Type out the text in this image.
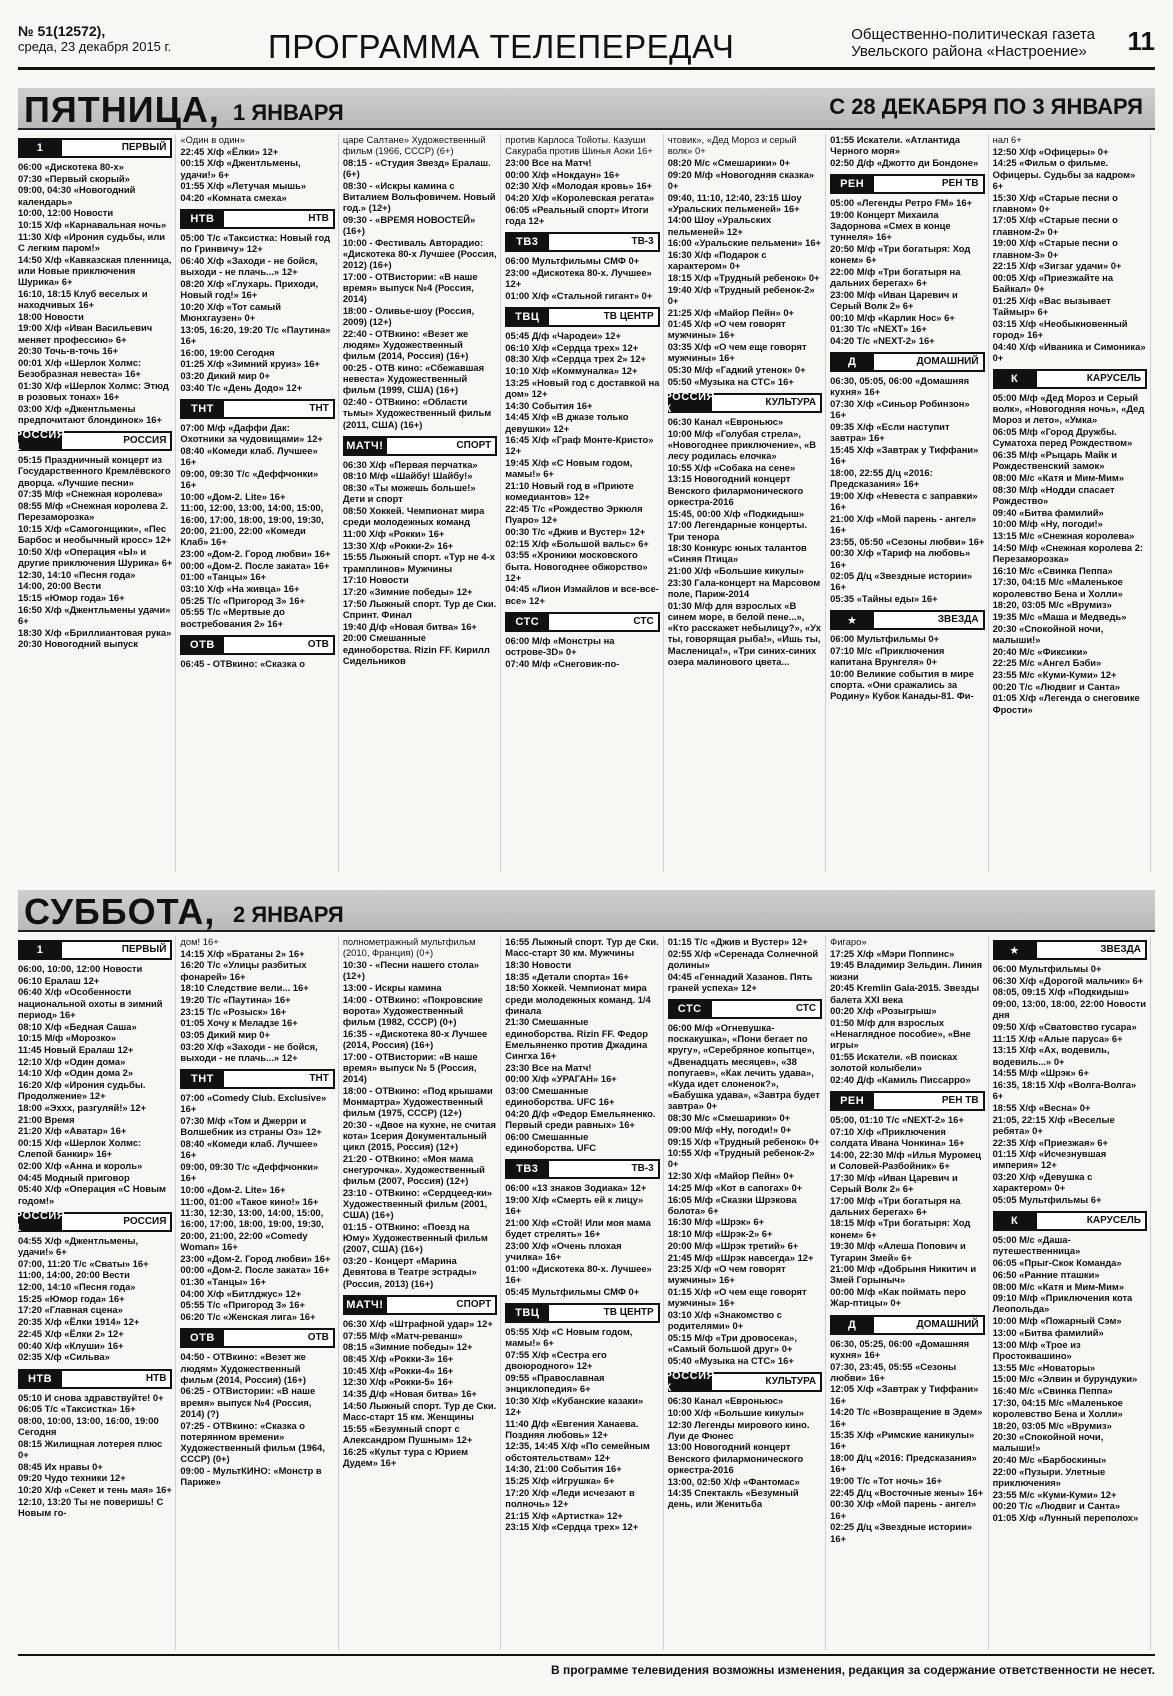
№ 51(12572),
среда, 23 декабря 2015 г.	ПРОГРАММА ТЕЛЕПЕРЕДАЧ	Общественно-политическая газета
Увельского района «Настроение»	11
ПЯТНИЦА, 1 ЯНВАРЯ	С 28 ДЕКАБРЯ ПО 3 ЯНВАРЯ
1	ПЕРВЫЙ
06:00 «Дискотека 80-х»
07:30 «Первый скорый»
09:00, 04:30 «Новогодний календарь»
10:00, 12:00 Новости
10:15 Х/ф «Карнавальная ночь»
11:30 Х/ф «Ирония судьбы, или С легким паром!»
14:50 Х/ф «Кавказская пленница, или Новые приключения Шурика» 6+
16:10, 18:15 Клуб веселых и находчивых 16+
18:00 Новости
19:00 Х/ф «Иван Васильевич меняет профессию» 6+
20:30 Точь-в-точь 16+
00:01 Х/ф «Шерлок Холмс: Безобразная невеста» 16+
01:30 Х/ф «Шерлок Холмс: Этюд в розовых тонах» 16+
03:00 Х/ф «Джентльмены предпочитают блондинок» 16+
РОССИЯ 1
РОССИЯ
05:15 Праздничный концерт из Государственного Кремлёвского дворца. «Лучшие песни»
07:35 М/ф «Снежная королева»
08:55 М/ф «Снежная королева 2. Перезаморозка»
10:15 Х/ф «Самогонщики», «Пес Барбос и необычный кросс» 12+
10:50 Х/ф «Операция «Ы» и другие приключения Шурика» 6+
12:30, 14:10 «Песня года»
14:00, 20:00 Вести
15:15 «Юмор года» 16+
16:50 Х/ф «Джентльмены удачи» 6+
18:30 Х/ф «Бриллиантовая рука»
20:30 Новогодний выпуск
«Один в один»
22:45 Х/ф «Ёлки» 12+
00:15 Х/ф «Джентльмены, удачи!» 6+
01:55 Х/ф «Летучая мышь»
04:20 «Комната смеха»
НТВ	НТВ
05:00 Т/с «Таксистка: Новый год по Гринвичу» 12+
06:40 Х/ф «Заходи - не бойся, выходи - не плачь...» 12+
08:20 Х/ф «Глухарь. Приходи, Новый год!» 16+
10:20 Х/ф «Тот самый Мюнхгаузен» 0+
13:05, 16:20, 19:20 Т/с «Паутина» 16+
16:00, 19:00 Сегодня
01:25 Х/ф «Зимний круиз» 16+
03:20 Дикий мир 0+
03:40 Т/с «День Додо» 12+
ТНТ	ТНТ
07:00 М/ф «Даффи Дак: Охотники за чудовищами» 12+
08:40 «Комеди клаб. Лучшее» 16+
09:00, 09:30 Т/с «Деффчонки» 16+
10:00 «Дом-2. Lite» 16+
11:00, 12:00, 13:00, 14:00, 15:00, 16:00, 17:00, 18:00, 19:00, 19:30, 20:00, 21:00, 22:00 «Комеди Клаб» 16+
23:00 «Дом-2. Город любви» 16+
00:00 «Дом-2. После заката» 16+
01:00 «Танцы» 16+
03:10 Х/ф «На живца» 16+
05:25 Т/с «Пригород 3» 16+
05:55 Т/с «Мертвые до востребования 2» 16+
ОТВ	ОТВ
06:45 - ОТВкино: «Сказка о
царе Салтане» Художественный фильм (1966, СССР) (6+)
08:15 - «Студия Звезд» Ералаш. (6+)
08:30 - «Искры камина с Виталием Вольфовичем. Новый год.» (12+)
09:30 - «ВРЕМЯ НОВОСТЕЙ» (16+)
10:00 - Фестиваль Авторадио: «Дискотека 80-х Лучшее (Россия, 2012) (16+)
17:00 - ОТВистории: «В наше время» выпуск №4 (Россия, 2014)
18:00 - Оливье-шоу (Россия, 2009) (12+)
22:40 - ОТВкино: «Везет же людям» Художественный фильм (2014, Россия) (16+)
00:25 - ОТВ кино: «Сбежавшая невеста» Художественный фильм (1999, США) (16+)
02:40 - ОТВкино: «Области тьмы» Художественный фильм (2011, США) (16+)
МАТЧ!	СПОРТ
06:30 Х/ф «Первая перчатка»
08:10 М/ф «Шайбу! Шайбу!»
08:30 «Ты можешь больше!» Дети и спорт
08:50 Хоккей. Чемпионат мира среди молодежных команд
11:00 Х/ф «Рокки» 16+
13:30 Х/ф «Рокки-2» 16+
15:55 Лыжный спорт. «Тур не 4-х трамплинов» Мужчины
17:10 Новости
17:20 «Зимние победы» 12+
17:50 Лыжный спорт. Тур де Ски. Спринт. Финал
19:40 Д/ф «Новая битва» 16+
20:00 Смешанные единоборства. Rizin FF. Кирилл Сидельников
против Карлоса Тойоты. Казуши Сакураба против Шинья Аоки 16+
23:00 Все на Матч!
00:00 Х/ф «Нокдаун» 16+
02:30 Х/ф «Молодая кровь» 16+
04:20 Х/ф «Королевская регата»
06:05 «Реальный спорт» Итоги года 12+
ТВ3	ТВ-3
06:00 Мультфильмы СМФ 0+
23:00 «Дискотека 80-х. Лучшее» 12+
01:00 Х/ф «Стальной гигант» 0+
ТВЦ	ТВ ЦЕНТР
05:45 Д/ф «Чародеи» 12+
06:10 Х/ф «Сердца трех» 12+
08:30 Х/ф «Сердца трех 2» 12+
10:10 Х/ф «Коммуналка» 12+
13:25 «Новый год с доставкой на дом» 12+
14:30 События 16+
14:45 Х/ф «В джазе только девушки» 12+
16:45 Х/ф «Граф Монте-Кристо» 12+
19:45 Х/ф «С Новым годом, мамы!» 6+
21:10 Новый год в «Приюте комедиантов» 12+
22:45 Т/с «Рождество Эркюля Пуаро» 12+
00:30 Т/с «Джив и Вустер» 12+
02:15 Х/ф «Большой вальс» 6+
03:55 «Хроники московского быта. Новогоднее обжорство» 12+
04:45 «Лион Измайлов и все-все-все» 12+
СТС	СТС
06:00 М/ф «Монстры на острове-3D» 0+
07:40 М/ф «Снеговик-по-
чтовик», «Дед Мороз и серый волк» 0+
08:20 М/с «Смешарики» 0+
09:20 М/ф «Новогодняя сказка» 0+
09:40, 11:10, 12:40, 23:15 Шоу «Уральских пельменей» 16+
14:00 Шоу «Уральских пельменей» 12+
16:00 «Уральские пельмени» 16+
16:30 Х/ф «Подарок с характером» 0+
18:15 Х/ф «Трудный ребенок» 0+
19:40 Х/ф «Трудный ребенок-2» 0+
21:25 Х/ф «Майор Пейн» 0+
01:45 Х/ф «О чем говорят мужчины» 16+
03:35 Х/ф «О чем еще говорят мужчины» 16+
05:30 М/ф «Гадкий утенок» 0+
05:50 «Музыка на СТС» 16+
РОССИЯ К
КУЛЬТУРА
06:30 Канал «Евроньюс»
10:00 М/ф «Голубая стрела», «Новогоднее приключение», «В лесу родилась елочка»
10:55 Х/ф «Собака на сене»
13:15 Новогодний концерт Венского филармонического оркестра-2016
15:45, 00:00 Х/ф «Подкидыш»
17:00 Легендарные концерты. Три тенора
18:30 Конкурс юных талантов «Синяя Птица»
21:00 Х/ф «Большие кикулы»
23:30 Гала-концерт на Марсовом поле, Париж-2014
01:30 М/ф для взрослых «В синем море, в белой пене...», «Кто расскажет небылицу?», «Ух ты, говорящая рыба!», «Ишь ты, Масленица!», «Три синих-синих озера малинового цвета...
01:55 Искатели. «Атлантида Черного моря»
02:50 Д/ф «Джотто ди Бондоне»
РЕН	РЕН ТВ
05:00 «Легенды Ретро FM» 16+
19:00 Концерт Михаила Задорнова «Смех в конце туннеля» 16+
20:50 М/ф «Три богатыря: Ход конем» 6+
22:00 М/ф «Три богатыря на дальних берегах» 6+
23:00 М/ф «Иван Царевич и Серый Волк 2» 6+
00:10 М/ф «Карлик Нос» 6+
01:30 Т/с «NEXT» 16+
04:20 Т/с «NEXT-2» 16+
Д	ДОМАШНИЙ
06:30, 05:05, 06:00 «Домашняя кухня» 16+
07:30 Х/ф «Синьор Робинзон» 16+
09:35 Х/ф «Если наступит завтра» 16+
15:45 Х/ф «Завтрак у Тиффани» 16+
18:00, 22:55 Д/ц «2016: Предсказания» 16+
19:00 Х/ф «Невеста с заправки» 16+
21:00 Х/ф «Мой парень - ангел» 16+
23:55, 05:50 «Сезоны любви» 16+
00:30 Х/ф «Тариф на любовь» 16+
02:05 Д/ц «Звездные истории» 16+
05:35 «Тайны еды» 16+
★	ЗВЕЗДА
06:00 Мультфильмы 0+
07:10 М/с «Приключения капитана Врунгеля» 0+
10:00 Великие события в мире спорта. «Они сражались за Родину» Кубок Канады-81. Фи-
нал 6+
12:50 Х/ф «Офицеры» 0+
14:25 «Фильм о фильме. Офицеры. Судьбы за кадром» 6+
15:30 Х/ф «Старые песни о главном» 0+
17:05 Х/ф «Старые песни о главном-2» 0+
19:00 Х/ф «Старые песни о главном-3» 0+
22:15 Х/ф «Зигзаг удачи» 0+
00:05 Х/ф «Приезжайте на Байкал» 0+
01:25 Х/ф «Вас вызывает Таймыр» 6+
03:15 Х/ф «Необыкновенный город» 16+
04:40 Х/ф «Иваника и Симоника» 0+
К	КАРУСЕЛЬ
05:00 М/ф «Дед Мороз и Серый волк», «Новогодняя ночь», «Дед Мороз и лето», «Умка»
06:05 М/ф «Город Дружбы. Суматоха перед Рождеством»
06:35 М/ф «Рыцарь Майк и Рождественский замок»
08:00 М/с «Катя и Мим-Мим»
08:30 М/ф «Нодди спасает Рождество»
09:40 «Битва фамилий»
10:00 М/ф «Ну, погоди!»
13:15 М/с «Снежная королева»
14:50 М/ф «Снежная королева 2: Перезаморозка»
16:10 М/с «Свинка Пеппа»
17:30, 04:15 М/с «Маленькое королевство Бена и Холли»
18:20, 03:05 М/с «Врумиз»
19:35 М/с «Маша и Медведь»
20:30 «Спокойной ночи, малыши!»
20:40 М/с «Фиксики»
22:25 М/с «Ангел Бэби»
23:55 М/с «Куми-Куми» 12+
00:20 Т/с «Людвиг и Санта»
01:05 Х/ф «Легенда о снеговике Фрости»
СУББОТА, 2 ЯНВАРЯ
1	ПЕРВЫЙ
06:00, 10:00, 12:00 Новости
06:10 Ералаш 12+
06:40 Х/ф «Особенности национальной охоты в зимний период» 16+
08:10 Х/ф «Бедная Саша»
10:15 М/ф «Морозко»
11:45 Новый Ералаш 12+
12:10 Х/ф «Один дома»
14:10 Х/ф «Один дома 2»
16:20 Х/ф «Ирония судьбы. Продолжение» 12+
18:00 «Эххх, разгуляй!» 12+
21:00 Время
21:20 Х/ф «Аватар» 16+
00:15 Х/ф «Шерлок Холмс: Слепой банкир» 16+
02:00 Х/ф «Анна и король»
04:45 Модный приговор
05:40 Х/ф «Операция «С Новым годом!»
РОССИЯ 1
РОССИЯ
04:55 Х/ф «Джентльмены, удачи!» 6+
07:00, 11:20 Т/с «Сваты» 16+
11:00, 14:00, 20:00 Вести
12:00, 14:10 «Песня года»
15:25 «Юмор года» 16+
17:20 «Главная сцена»
20:35 Х/ф «Ёлки 1914» 12+
22:45 Х/ф «Ёлки 2» 12+
00:40 Х/ф «Клуши» 16+
02:35 Х/ф «Сильва»
НТВ	НТВ
05:10 И снова здравствуйте! 0+
06:05 Т/с «Таксистка» 16+
08:00, 10:00, 13:00, 16:00, 19:00 Сегодня
08:15 Жилищная лотерея плюс 0+
08:45 Их нравы 0+
09:20 Чудо техники 12+
10:20 Х/ф «Секет и тень мая» 16+
12:10, 13:20 Ты не поверишь! С Новым го-
дом! 16+
14:15 Х/ф «Братаны 2» 16+
16:20 Т/с «Улицы разбитых фонарей» 16+
18:10 Следствие вели... 16+
19:20 Т/с «Паутина» 16+
23:15 Т/с «Розыск» 16+
01:05 Хочу к Меладзе 16+
03:05 Дикий мир 0+
03:20 Х/ф «Заходи - не бойся, выходи - не плачь...» 12+
ТНТ	ТНТ
07:00 «Comedy Club. Exclusive» 16+
07:30 М/ф «Том и Джерри и Волшебник из страны Оз» 12+
08:40 «Комеди клаб. Лучшее» 16+
09:00, 09:30 Т/с «Деффчонки» 16+
10:00 «Дом-2. Lite» 16+
11:00, 01:00 «Такое кино!» 16+
11:30, 12:30, 13:00, 14:00, 15:00, 16:00, 17:00, 18:00, 19:00, 19:30, 20:00, 21:00, 22:00 «Comedy Woman» 16+
23:00 «Дом-2. Город любви» 16+
00:00 «Дом-2. После заката» 16+
01:30 «Танцы» 16+
04:00 Х/ф «Битлджус» 12+
05:55 Т/с «Пригород 3» 16+
06:20 Т/с «Женская лига» 16+
ОТВ	ОТВ
04:50 - ОТВкино: «Везет же людям» Художественный фильм (2014, Россия) (16+)
06:25 - ОТВистории: «В наше время» выпуск №4 (Россия, 2014) (?)
07:25 - ОТВкино: «Сказка о потерянном времени» Художественный фильм (1964, СССР) (0+)
09:00 - МультКИНО: «Монстр в Париже»
полнометражный мультфильм (2010, Франция) (0+)
10:30 - «Песни нашего стола» (12+)
13:00 - Искры камина
14:00 - ОТВкино: «Покровские ворота» Художественный фильм (1982, СССР) (0+)
16:35 - «Дискотека 80-х Лучшее (2014, Россия) (16+)
17:00 - ОТВистории: «В наше время» выпуск № 5 (Россия, 2014)
18:00 - ОТВкино: «Под крышами Монмартра» Художественный фильм (1975, СССР) (12+)
20:30 - «Двое на кухне, не считая кота» 1серия Документальный цикл (2015, Россия) (12+)
21:20 - ОТВкино: «Моя мама снегурочка». Художественный фильм (2007, Россия) (12+)
23:10 - ОТВкино: «Сердцеед-ки» Художественный фильм (2001, США) (16+)
01:15 - ОТВкино: «Поезд на Юму» Художественный фильм (2007, США) (16+)
03:20 - Концерт «Марина Девятова в Театре эстрады» (Россия, 2013) (16+)
МАТЧ!	СПОРТ
06:30 Х/ф «Штрафной удар» 12+
07:55 М/ф «Матч-реванш»
08:15 «Зимние победы» 12+
08:45 Х/ф «Рокки-3» 16+
10:45 Х/ф «Рокки-4» 16+
12:30 Х/ф «Рокки-5» 16+
14:35 Д/ф «Новая битва» 16+
14:50 Лыжный спорт. Тур де Ски. Масс-старт 15 км. Женщины
15:55 «Безумный спорт с Александром Пушным» 12+
16:25 «Культ тура с Юрием Дудем» 16+
16:55 Лыжный спорт. Тур де Ски. Масс-старт 30 км. Мужчины
18:30 Новости
18:35 «Детали спорта» 16+
18:50 Хоккей. Чемпионат мира среди молодежных команд. 1/4 финала
21:30 Смешанные единоборства. Rizin FF. Федор Емельяненко против Джадина Сингха 16+
23:30 Все на Матч!
00:00 Х/ф «УРАГАН» 16+
03:00 Смешанные единоборства. UFC 16+
04:20 Д/ф «Федор Емельяненко. Первый среди равных» 16+
06:00 Смешанные единоборства. UFC
ТВ3	ТВ-3
06:00 «13 знаков Зодиака» 12+
19:00 Х/ф «Смерть ей к лицу» 16+
21:00 Х/ф «Стой! Или моя мама будет стрелять» 16+
23:00 Х/ф «Очень плохая училка» 16+
01:00 «Дискотека 80-х. Лучшее» 16+
05:45 Мультфильмы СМФ 0+
ТВЦ	ТВ ЦЕНТР
05:55 Х/ф «С Новым годом, мамы!» 6+
07:55 Х/ф «Сестра его двоюродного» 12+
09:55 «Православная энциклопедия» 6+
10:30 Х/ф «Кубанские казаки» 12+
11:40 Д/ф «Евгения Ханаева. Поздняя любовь» 12+
12:35, 14:45 Х/ф «По семейным обстоятельствам» 12+
14:30, 21:00 События 16+
15:25 Х/ф «Игрушка» 6+
17:20 Х/ф «Леди исчезают в полночь» 12+
21:15 Х/ф «Артистка» 12+
23:15 Х/ф «Сердца трех» 12+
01:15 Т/с «Джив и Вустер» 12+
02:55 Х/ф «Серенада Солнечной долины»
04:45 «Геннадий Хазанов. Пять граней успеха» 12+
СТС	СТС
06:00 М/ф «Огневушка-поскакушка», «Пони бегает по кругу», «Серебряное копытце», «Двенадцать месяцев», «38 попугаев», «Как лечить удава», «Куда идет слоненок?», «Бабушка удава», «Завтра будет завтра» 0+
08:30 М/с «Смешарики» 0+
09:00 М/ф «Ну, погоди!» 0+
09:15 Х/ф «Трудный ребенок» 0+
10:55 Х/ф «Трудный ребенок-2» 0+
12:30 Х/ф «Майор Пейн» 0+
14:25 М/ф «Кот в сапогах» 0+
16:05 М/ф «Сказки Шрэкова болота» 6+
16:30 М/ф «Шрэк» 6+
18:10 М/ф «Шрэк-2» 6+
20:00 М/ф «Шрэк третий» 6+
21:45 М/ф «Шрэк навсегда» 12+
23:25 Х/ф «О чем говорят мужчины» 16+
01:15 Х/ф «О чем еще говорят мужчины» 16+
03:10 Х/ф «Знакомство с родителями» 0+
05:15 М/ф «Три дровосека», «Самый большой друг» 0+
05:40 «Музыка на СТС» 16+
РОССИЯ К
КУЛЬТУРА
06:30 Канал «Евроньюс»
10:00 Х/ф «Большие кикулы»
12:30 Легенды мирового кино. Луи де Фюнес
13:00 Новогодний концерт Венского филармонического оркестра-2016
13:00, 02:50 Х/ф «Фантомас»
14:35 Спектакль «Безумный день, или Женитьба
Фигаро»
17:25 Х/ф «Мэри Поппинс»
19:45 Владимир Зельдин. Линия жизни
20:45 Kremlin Gala-2015. Звезды балета XXI века
00:20 Х/ф «Розыгрыш»
01:50 М/ф для взрослых «Ненаглядное пособие», «Вне игры»
01:55 Искатели. «В поисках золотой колыбели»
02:40 Д/ф «Камиль Писсарро»
РЕН	РЕН ТВ
05:00, 01:10 Т/с «NEXT-2» 16+
07:10 Х/ф «Приключения солдата Ивана Чонкина» 16+
14:00, 22:30 М/ф «Илья Муромец и Соловей-Разбойник» 6+
17:30 М/ф «Иван Царевич и Серый Волк 2» 6+
17:00 М/ф «Три богатыря на дальних берегах» 6+
18:15 М/ф «Три богатыря: Ход конем» 6+
19:30 М/ф «Алеша Попович и Тугарин Змей» 6+
21:00 М/ф «Добрыня Никитич и Змей Горыныч»
00:00 М/ф «Как поймать перо Жар-птицы» 0+
Д	ДОМАШНИЙ
06:30, 05:25, 06:00 «Домашняя кухня» 16+
07:30, 23:45, 05:55 «Сезоны любви» 16+
12:05 Х/ф «Завтрак у Тиффани» 16+
14:20 Т/с «Возвращение в Эдем» 16+
15:35 Х/ф «Римские каникулы» 16+
18:00 Д/ц «2016: Предсказания» 16+
19:00 Т/с «Тот ночь» 16+
22:45 Д/ц «Восточные жены» 16+
00:30 Х/ф «Мой парень - ангел» 16+
02:25 Д/ц «Звездные истории» 16+
★	ЗВЕЗДА
06:00 Мультфильмы 0+
06:30 Х/ф «Дорогой мальчик» 6+
08:05, 09:15 Х/ф «Подкидыш»
09:00, 13:00, 18:00, 22:00 Новости дня
09:50 Х/ф «Сватовство гусара»
11:15 Х/ф «Алые паруса» 6+
13:15 Х/ф «Ах, водевиль, водевиль...» 0+
14:55 М/ф «Шрэк» 6+
16:35, 18:15 Х/ф «Волга-Волга» 6+
18:55 Х/ф «Весна» 0+
21:05, 22:15 Х/ф «Веселые ребята» 0+
22:35 Х/ф «Приезжая» 6+
01:15 Х/ф «Исчезнувшая империя» 12+
03:20 Х/ф «Девушка с характером» 0+
05:05 Мультфильмы 6+
К	КАРУСЕЛЬ
05:00 М/с «Даша-путешественница»
06:05 «Прыг-Скок Команда»
06:50 «Ранние пташки»
08:00 М/с «Катя и Мим-Мим»
09:10 М/ф «Приключения кота Леопольда»
10:00 М/ф «Пожарный Сэм»
13:00 «Битва фамилий»
13:00 М/ф «Трое из Простоквашино»
13:55 М/с «Новаторы»
15:00 М/с «Элвин и бурундуки»
16:40 М/с «Свинка Пеппа»
17:30, 04:15 М/с «Маленькое королевство Бена и Холли»
18:20, 03:05 М/с «Врумиз»
20:30 «Спокойной ночи, малыши!»
20:40 М/с «Барбоскины»
22:00 «Пузыри. Улетные приключения»
23:55 М/с «Куми-Куми» 12+
00:20 Т/с «Людвиг и Санта»
01:05 Х/ф «Лунный переполох»
В программе телевидения возможны изменения, редакция за содержание ответственности не несет.
